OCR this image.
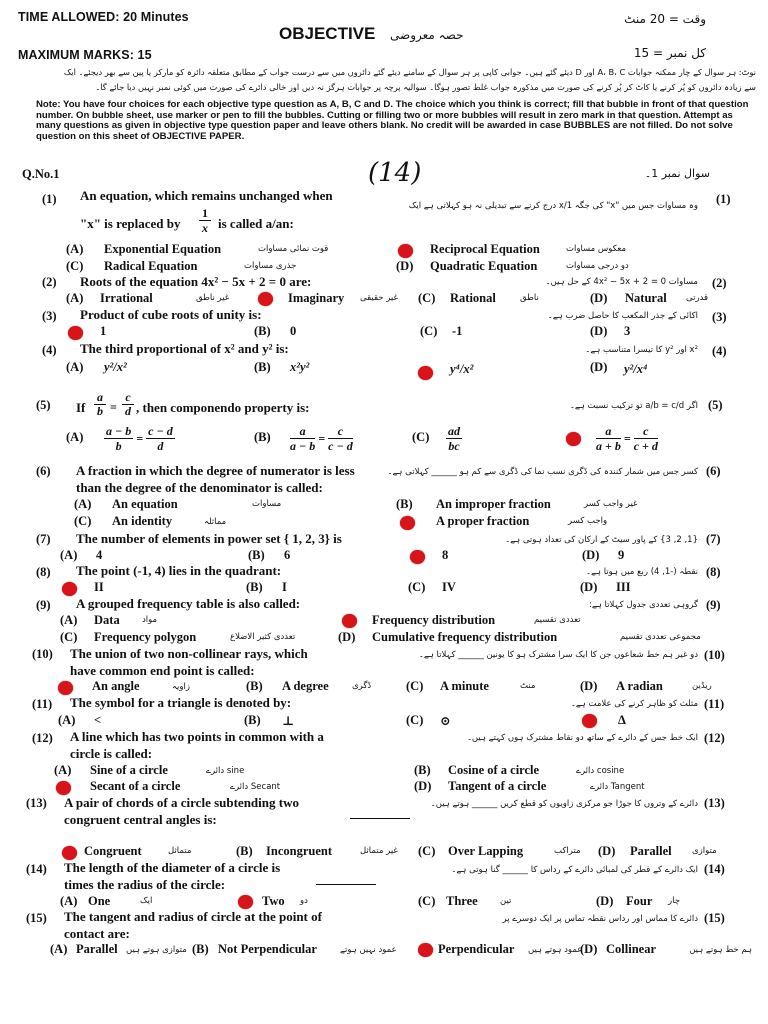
TIME ALLOWED: 20 Minutes
OBJECTIVE حصہ معروضی
وقت = 20 منٹ
MAXIMUM MARKS: 15	کل نمبر = 15
نوٹ: ہر سوال کے چار ممکنہ جوابات A، B، C اور D دیئے گئے ہیں۔ جوابی کاپی پر ہر سوال کے سامنے دیئے گئے دائروں میں سے درست جواب کے مطابق متعلقہ دائرہ کو مارکر یا پین سے بھر دیجئے۔ ایک
سے زیادہ دائروں کو پُر کرنے یا کاٹ کر پُر کرنے کی صورت میں مذکورہ جواب غلط تصور ہوگا۔ سوالیہ پرچہ پر جوابات ہرگز نہ دیں اور خالی دائرے کی صورت میں کوئی نمبر نہیں دیا جائے گا۔
Note: You have four choices for each objective type question as A, B, C and D. The choice which you think is correct; fill that bubble in front of that question number. On bubble sheet, use marker or pen to fill the bubbles. Cutting or filling two or more bubbles will result in zero mark in that question. Attempt as many questions as given in objective type question paper and leave others blank. No credit will be awarded in case BUBBLES are not filled. Do not solve question on this sheet of OBJECTIVE PAPER.
Q.No.1	(14)	سوال نمبر 1۔
(1) An equation, which remains unchanged when
"x" is replaced by $\frac{1}{x}$ is called a/an:
وہ مساوات جس میں "x" کی جگہ 1/x درج کرنے سے تبدیلی نہ ہو کہلاتی ہے ایک (1)
(A) Exponential Equation	قوت نمائی مساوات	Reciprocal Equation	معکوس مساوات
(C) Radical Equation	جذری مساوات	(D) Quadratic Equation	دو درجی مساوات
(2) Roots of the equation 4x² − 5x + 2 = 0 are:	مساوات 4x² − 5x + 2 = 0 کے حل ہیں۔ (2)
(A) Irrational	غیر ناطق	Imaginary غیر حقیقی (C) Rational	ناطق	(D) Natural قدرتی
(3) Product of cube roots of unity is:	اکائی کے جذر المکعب کا حاصل ضرب ہے۔ (3)
1	(B) 0	(C) -1	(D) 3
(4) The third proportional of x² and y² is:	x² اور y² کا تیسرا متناسب ہے۔ (4)
(A) y²/x²	(B) x²y²	y⁴/x²	(D) y²/x⁴
(5) If
a
b =
c
d , then componendo property is:	اگر a/b = c/d تو ترکیب نسبت ہے۔ (5)
$(A) \frac{a - b}{b} = \frac{c - d}{d}$	$(B) \frac{a}{a - b} = \frac{c}{c - d}$	$(C) \frac{ad}{bc}$	$\frac{a}{a + b} = \frac{c}{c + d}$
(6) A fraction in which the degree of numerator is less
than the degree of the denominator is called:
کسر جس میں شمار کنندہ کی ڈگری نسب نما کی ڈگری سے کم ہو ______ کہلاتی ہے۔ (6)
(A) An equation	مساوات	(B) An improper fraction	غیر واجب کسر
(C) An identity	مماثلہ	A proper fraction	واجب کسر
(7) The number of elements in power set { 1, 2, 3} is	{1, 2, 3} کے پاور سیٹ کے ارکان کی تعداد ہوتی ہے۔ (7)
(A) 4	(B) 6	8	(D) 9
(8) The point (-1, 4) lies in the quadrant:	نقطہ (-1, 4) ربع میں ہوتا ہے۔ (8)
II	(B) I	(C) IV	(D) III
(9) A grouped frequency table is also called:	گروہی تعددی جدول کہلاتا ہے: (9)
(A) Data	مواد	Frequency distribution	تعددی تقسیم
(C) Frequency polygon	تعددی کثیر الاضلاع	(D) Cumulative frequency distribution	مجموعی تعددی تقسیم
(10) The union of two non-collinear rays, which
have common end point is called:
دو غیر ہم خط شعاعوں جن کا ایک سرا مشترک ہو کا یونین ______ کہلاتا ہے۔ (10)
An angle	زاویہ	(B) A degree	ڈگری	(C) A minute	منٹ	(D) A radian	ریڈین
(11) The symbol for a triangle is denoted by:	مثلث کو ظاہر کرنے کی علامت ہے۔ (11)
(A) <	(B) ⊥	(C) ⊙	Δ
(12) A line which has two points in common with a
circle is called:
ایک خط جس کے دائرے کے ساتھ دو نقاط مشترک ہوں کہتے ہیں۔ (12)
(A) Sine of a circle	sine دائرے	(B) Cosine of a circle	cosine دائرے
Secant of a circle	Secant دائرے	(D) Tangent of a circle	Tangent دائرے
(13) A pair of chords of a circle subtending two
congruent central angles is:
دائرے کے وتروں کا جوڑا جو مرکزی زاویوں کو قطع کریں ______ ہوتے ہیں۔ (13)
Congruent	متماثل	(B) Incongruent	غیر متماثل (C) Over Lapping	متراکب (D) Parallel متوازی
(14) The length of the diameter of a circle is
times the radius of the circle:
ایک دائرے کے قطر کی لمبائی دائرے کے رداس کا ______ گنا ہوتی ہے۔ (14)
(A) One	ایک	Two دو	(C) Three	تین	(D) Four چار
(15) The tangent and radius of circle at the point of
contact are:
دائرے کا مماس اور رداس نقطہ تماس پر ایک دوسرے پر (15)
(A) Parallel متوازی ہوتے ہیں (B) Not Perpendicular	عمود نہیں ہوتے	Perpendicular عمود ہوتے ہیں
(D) Collinear	ہم خط ہوتے ہیں
